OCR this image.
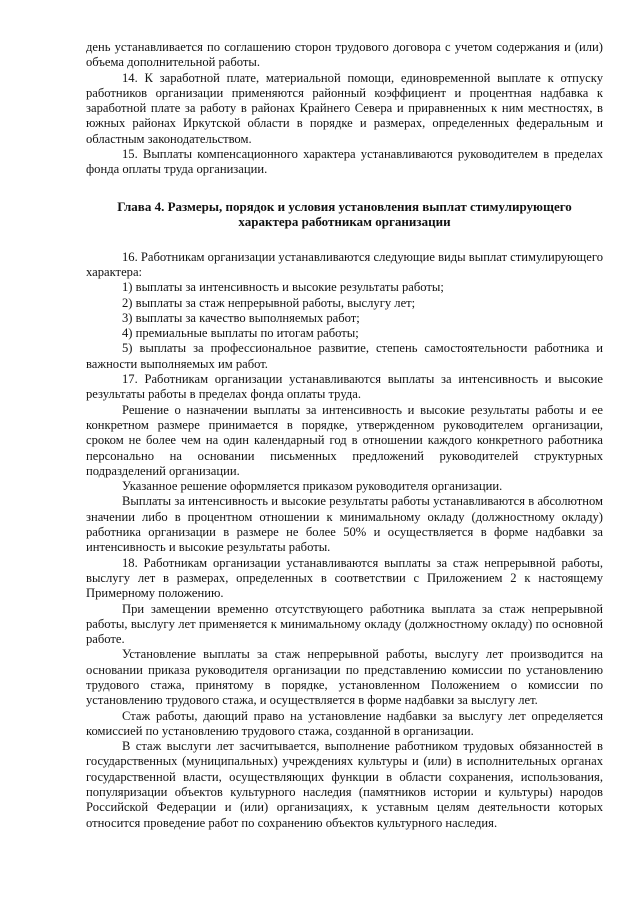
день устанавливается по соглашению сторон трудового договора с учетом содержания и (или) объема дополнительной работы.

14. К заработной плате, материальной помощи, единовременной выплате к отпуску работников организации применяются районный коэффициент и процентная надбавка к заработной плате за работу в районах Крайнего Севера и приравненных к ним местностях, в южных районах Иркутской области в порядке и размерах, определенных федеральным и областным законодательством.

15. Выплаты компенсационного характера устанавливаются руководителем в пределах фонда оплаты труда организации.

Глава 4. Размеры, порядок и условия установления выплат стимулирующего характера работникам организации

16. Работникам организации устанавливаются следующие виды выплат стимулирующего характера:

1) выплаты за интенсивность и высокие результаты работы;

2) выплаты за стаж непрерывной работы, выслугу лет;

3) выплаты за качество выполняемых работ;

4) премиальные выплаты по итогам работы;

5) выплаты за профессиональное развитие, степень самостоятельности работника и важности выполняемых им работ.

17. Работникам организации устанавливаются выплаты за интенсивность и высокие результаты работы в пределах фонда оплаты труда.

Решение о назначении выплаты за интенсивность и высокие результаты работы и ее конкретном размере принимается в порядке, утвержденном руководителем организации, сроком не более чем на один календарный год в отношении каждого конкретного работника персонально на основании письменных предложений руководителей структурных подразделений организации.

Указанное решение оформляется приказом руководителя организации.

Выплаты за интенсивность и высокие результаты работы устанавливаются в абсолютном значении либо в процентном отношении к минимальному окладу (должностному окладу) работника организации в размере не более 50% и осуществляется в форме надбавки за интенсивность и высокие результаты работы.

18. Работникам организации устанавливаются выплаты за стаж непрерывной работы, выслугу лет в размерах, определенных в соответствии с Приложением 2 к настоящему Примерному положению.

При замещении временно отсутствующего работника выплата за стаж непрерывной работы, выслугу лет применяется к минимальному окладу (должностному окладу) по основной работе.

Установление выплаты за стаж непрерывной работы, выслугу лет производится на основании приказа руководителя организации по представлению комиссии по установлению трудового стажа, принятому в порядке, установленном Положением о комиссии по установлению трудового стажа, и осуществляется в форме надбавки за выслугу лет.

Стаж работы, дающий право на установление надбавки за выслугу лет определяется комиссией по установлению трудового стажа, созданной в организации.

В стаж выслуги лет засчитывается, выполнение работником трудовых обязанностей в государственных (муниципальных) учреждениях культуры и (или) в исполнительных органах государственной власти, осуществляющих функции в области сохранения, использования, популяризации объектов культурного наследия (памятников истории и культуры) народов Российской Федерации и (или) организациях, к уставным целям деятельности которых относится проведение работ по сохранению объектов культурного наследия.
